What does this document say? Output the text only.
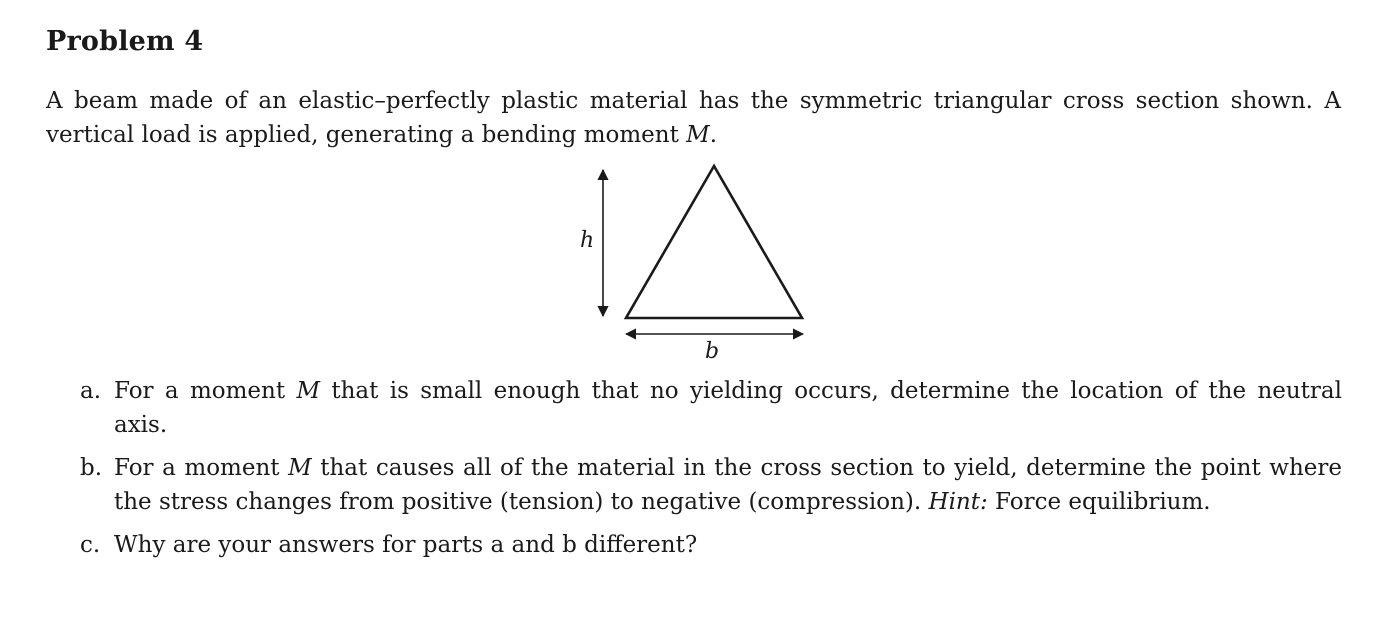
Problem 4
A beam made of an elastic–perfectly plastic material has the symmetric triangular cross section shown. A
vertical load is applied, generating a bending moment M.
h
b
a. For a moment M that is small enough that no yielding occurs, determine the location of the neutral
axis.
b. For a moment M that causes all of the material in the cross section to yield, determine the point where
the stress changes from positive (tension) to negative (compression). Hint: Force equilibrium.
c. Why are your answers for parts a and b different?
